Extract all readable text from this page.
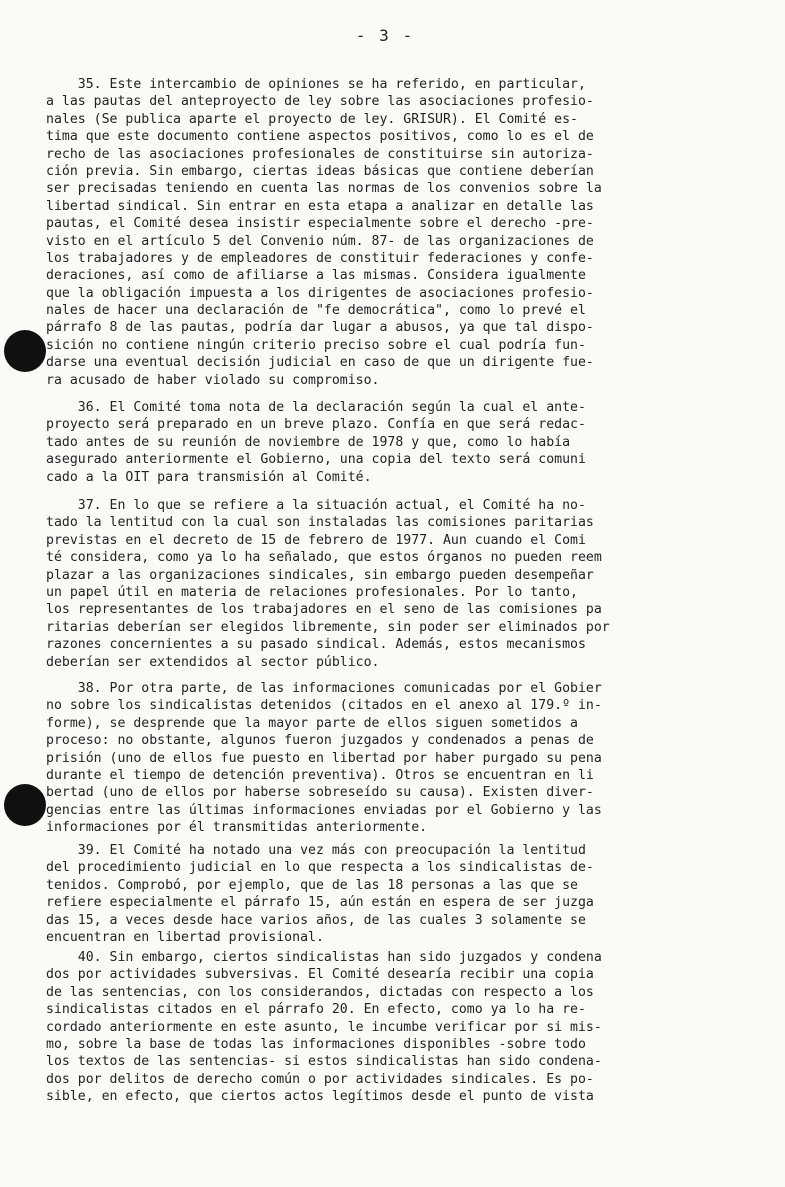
- 3 -
35. Este intercambio de opiniones se ha referido, en particular,
a las pautas del anteproyecto de ley sobre las asociaciones profesio-
nales (Se publica aparte el proyecto de ley. GRISUR). El Comité es-
tima que este documento contiene aspectos positivos, como lo es el de
recho de las asociaciones profesionales de constituirse sin autoriza-
ción previa. Sin embargo, ciertas ideas básicas que contiene deberían
ser precisadas teniendo en cuenta las normas de los convenios sobre la
libertad sindical. Sin entrar en esta etapa a analizar en detalle las
pautas, el Comité desea insistir especialmente sobre el derecho -pre-
visto en el artículo 5 del Convenio núm. 87- de las organizaciones de
los trabajadores y de empleadores de constituir federaciones y confe-
deraciones, así como de afiliarse a las mismas. Considera igualmente
que la obligación impuesta a los dirigentes de asociaciones profesio-
nales de hacer una declaración de "fe democrática", como lo prevé el
párrafo 8 de las pautas, podría dar lugar a abusos, ya que tal dispo-
sición no contiene ningún criterio preciso sobre el cual podría fun-
darse una eventual decisión judicial en caso de que un dirigente fue-
ra acusado de haber violado su compromiso.
36. El Comité toma nota de la declaración según la cual el ante-
proyecto será preparado en un breve plazo. Confía en que será redac-
tado antes de su reunión de noviembre de 1978 y que, como lo había
asegurado anteriormente el Gobierno, una copia del texto será comuni
cado a la OIT para transmisión al Comité.
37. En lo que se refiere a la situación actual, el Comité ha no-
tado la lentitud con la cual son instaladas las comisiones paritarias
previstas en el decreto de 15 de febrero de 1977. Aun cuando el Comi
té considera, como ya lo ha señalado, que estos órganos no pueden reem
plazar a las organizaciones sindicales, sin embargo pueden desempeñar
un papel útil en materia de relaciones profesionales. Por lo tanto,
los representantes de los trabajadores en el seno de las comisiones pa
ritarias deberían ser elegidos libremente, sin poder ser eliminados por
razones concernientes a su pasado sindical. Además, estos mecanismos
deberían ser extendidos al sector público.
38. Por otra parte, de las informaciones comunicadas por el Gobier
no sobre los sindicalistas detenidos (citados en el anexo al 179.º in-
forme), se desprende que la mayor parte de ellos siguen sometidos a
proceso: no obstante, algunos fueron juzgados y condenados a penas de
prisión (uno de ellos fue puesto en libertad por haber purgado su pena
durante el tiempo de detención preventiva). Otros se encuentran en li
bertad (uno de ellos por haberse sobreseído su causa). Existen diver-
gencias entre las últimas informaciones enviadas por el Gobierno y las
informaciones por él transmitidas anteriormente.
39. El Comité ha notado una vez más con preocupación la lentitud
del procedimiento judicial en lo que respecta a los sindicalistas de-
tenidos. Comprobó, por ejemplo, que de las 18 personas a las que se
refiere especialmente el párrafo 15, aún están en espera de ser juzga
das 15, a veces desde hace varios años, de las cuales 3 solamente se
encuentran en libertad provisional.
40. Sin embargo, ciertos sindicalistas han sido juzgados y condena
dos por actividades subversivas. El Comité desearía recibir una copia
de las sentencias, con los considerandos, dictadas con respecto a los
sindicalistas citados en el párrafo 20. En efecto, como ya lo ha re-
cordado anteriormente en este asunto, le incumbe verificar por si mis-
mo, sobre la base de todas las informaciones disponibles -sobre todo
los textos de las sentencias- si estos sindicalistas han sido condena-
dos por delitos de derecho común o por actividades sindicales. Es po-
sible, en efecto, que ciertos actos legítimos desde el punto de vista
